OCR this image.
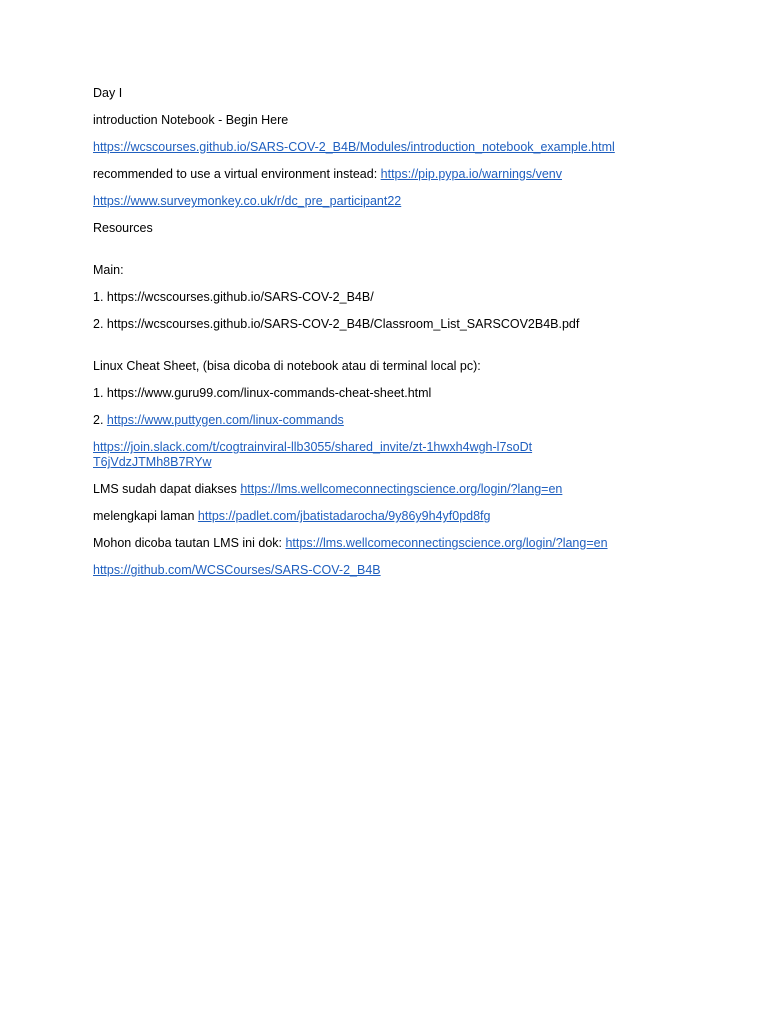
Day I

introduction Notebook - Begin Here

https://wcscourses.github.io/SARS-COV-2_B4B/Modules/introduction_notebook_example.html

recommended to use a virtual environment instead: https://pip.pypa.io/warnings/venv

https://www.surveymonkey.co.uk/r/dc_pre_participant22

Resources

Main:

1. https://wcscourses.github.io/SARS-COV-2_B4B/

2. https://wcscourses.github.io/SARS-COV-2_B4B/Classroom_List_SARSCOV2B4B.pdf

Linux Cheat Sheet, (bisa dicoba di notebook atau di terminal local pc):

1. https://www.guru99.com/linux-commands-cheat-sheet.html

2. https://www.puttygen.com/linux-commands

https://join.slack.com/t/cogtrainviral-llb3055/shared_invite/zt-1hwxh4wgh-l7soDtT6jVdzJTMh8B7RYw

LMS sudah dapat diakses https://lms.wellcomeconnectingscience.org/login/?lang=en

melengkapi laman https://padlet.com/jbatistadarocha/9y86y9h4yf0pd8fg

Mohon dicoba tautan LMS ini dok: https://lms.wellcomeconnectingscience.org/login/?lang=en

https://github.com/WCSCourses/SARS-COV-2_B4B
